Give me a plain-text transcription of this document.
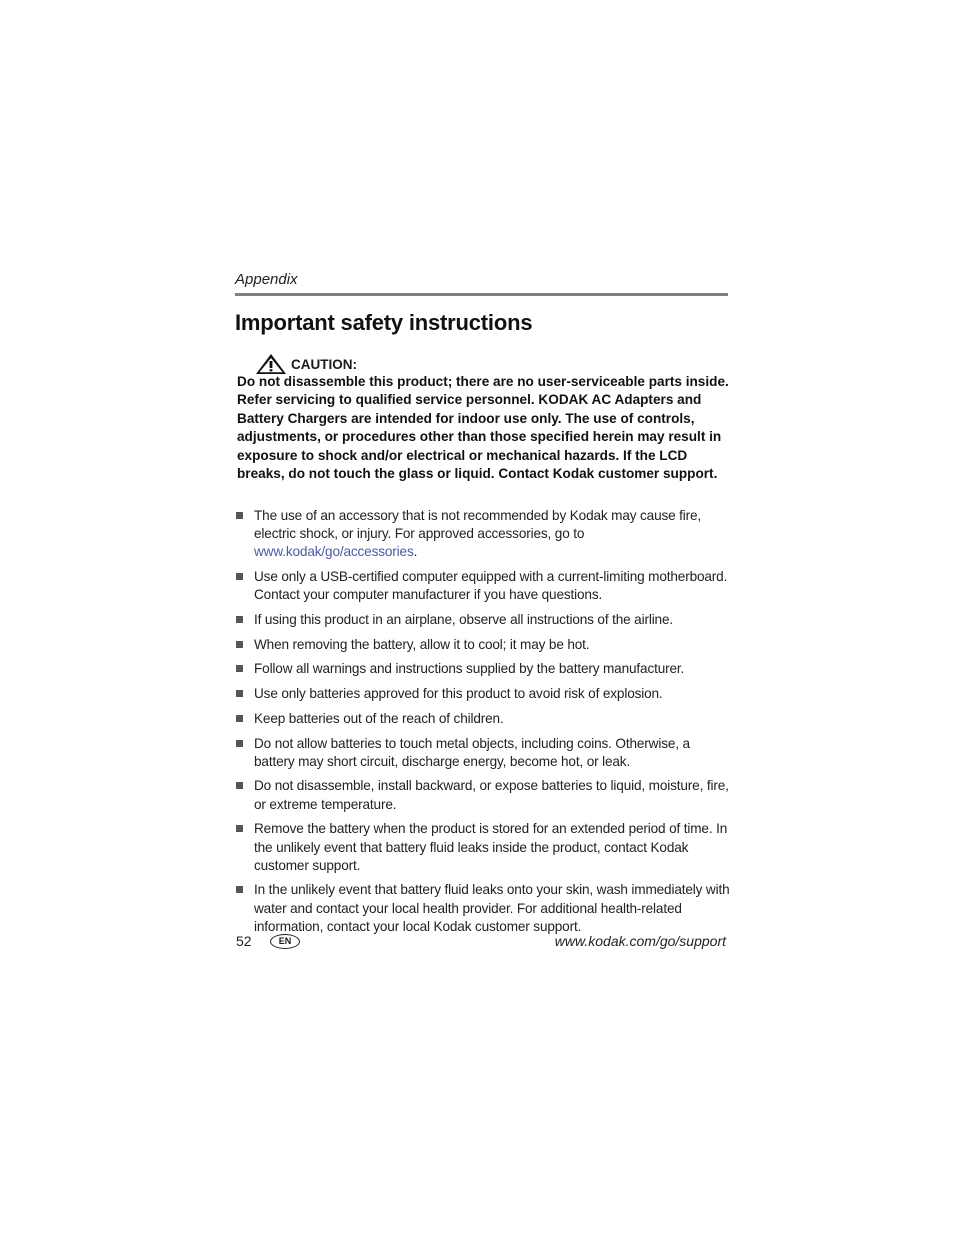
Appendix
Important safety instructions
CAUTION:

Do not disassemble this product; there are no user-serviceable parts inside. Refer servicing to qualified service personnel. KODAK AC Adapters and Battery Chargers are intended for indoor use only. The use of controls, adjustments, or procedures other than those specified herein may result in exposure to shock and/or electrical or mechanical hazards. If the LCD breaks, do not touch the glass or liquid. Contact Kodak customer support.

The use of an accessory that is not recommended by Kodak may cause fire, electric shock, or injury. For approved accessories, go to www.kodak/go/accessories.
Use only a USB-certified computer equipped with a current-limiting motherboard. Contact your computer manufacturer if you have questions.
If using this product in an airplane, observe all instructions of the airline.
When removing the battery, allow it to cool; it may be hot.
Follow all warnings and instructions supplied by the battery manufacturer.
Use only batteries approved for this product to avoid risk of explosion.
Keep batteries out of the reach of children.
Do not allow batteries to touch metal objects, including coins. Otherwise, a battery may short circuit, discharge energy, become hot, or leak.
Do not disassemble, install backward, or expose batteries to liquid, moisture, fire, or extreme temperature.
Remove the battery when the product is stored for an extended period of time. In the unlikely event that battery fluid leaks inside the product, contact Kodak customer support.
In the unlikely event that battery fluid leaks onto your skin, wash immediately with water and contact your local health provider. For additional health-related information, contact your local Kodak customer support.
52	EN	www.kodak.com/go/support
